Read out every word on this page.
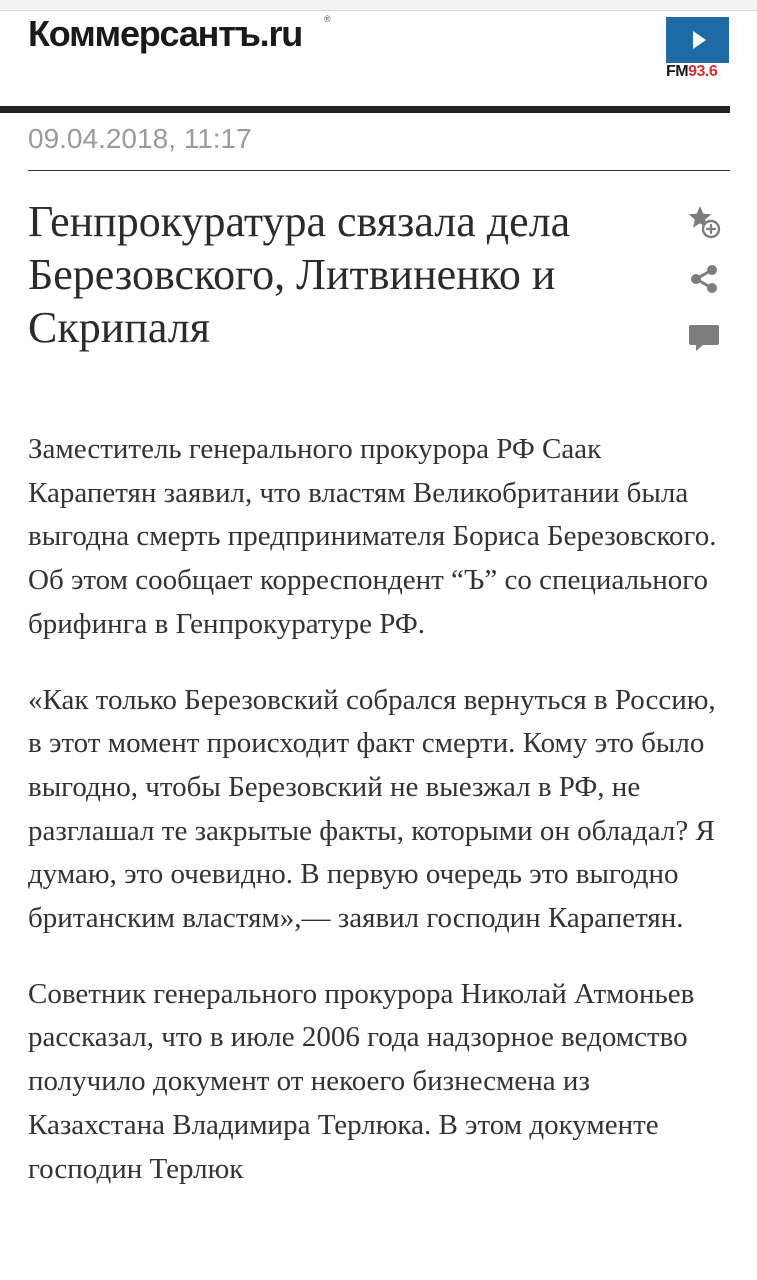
Коммерсантъ.ru ®
FM93.6
09.04.2018, 11:17
Генпрокуратура связала дела Березовского, Литвиненко и Скрипаля

Заместитель генерального прокурора РФ Саак Карапетян заявил, что властям Великобритании была выгодна смерть предпринимателя Бориса Березовского. Об этом сообщает корреспондент “Ъ” со специального брифинга в Генпрокуратуре РФ.

«Как только Березовский собрался вернуться в Россию, в этот момент происходит факт смерти. Кому это было выгодно, чтобы Березовский не выезжал в РФ, не разглашал те закрытые факты, которыми он обладал? Я думаю, это очевидно. В первую очередь это выгодно британским властям»,— заявил господин Карапетян.

Советник генерального прокурора Николай Атмоньев рассказал, что в июле 2006 года надзорное ведомство получило документ от некоего бизнесмена из Казахстана Владимира Терлюка. В этом документе господин Терлюк
